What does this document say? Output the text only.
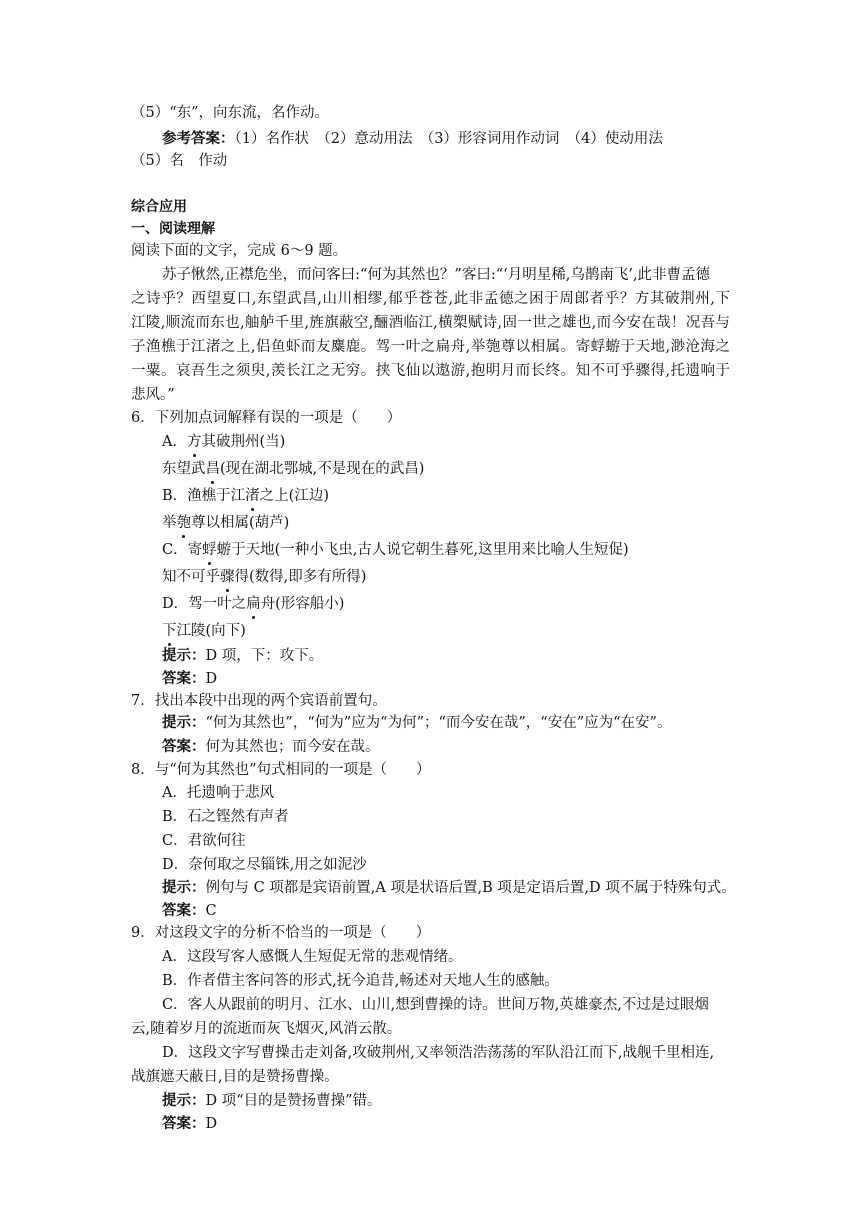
（5）“东”，向东流，名作动。
参考答案：（1）名作状　（2）意动用法　（3）形容词用作动词　（4）使动用法
（5）名　作动
综合应用
一、阅读理解
阅读下面的文字，完成 6～9 题。
苏子愀然,正襟危坐，而问客曰:“何为其然也？”客曰:“‘月明星稀,乌鹊南飞’,此非曹孟德
之诗乎？西望夏口,东望武昌,山川相缪,郁乎苍苍,此非孟德之困于周郎者乎？方其破荆州,下
江陵,顺流而东也,舳舻千里,旌旗蔽空,酾酒临江,横槊赋诗,固一世之雄也,而今安在哉！况吾与
子渔樵于江渚之上,侣鱼虾而友麋鹿。驾一叶之扁舟,举匏尊以相属。寄蜉蝣于天地,渺沧海之
一粟。哀吾生之须臾,羡长江之无穷。挟飞仙以遨游,抱明月而长终。知不可乎骤得,托遗响于
悲风。”
6．下列加点词解释有误的一项是（　　）
A．方其破荆州(当)
东望武昌(现在湖北鄂城,不是现在的武昌)
B．渔樵于江渚之上(江边)
举匏尊以相属(葫芦)
C．寄蜉蝣于天地(一种小飞虫,古人说它朝生暮死,这里用来比喻人生短促)
知不可乎骤得(数得,即多有所得)
D．驾一叶之扁舟(形容船小)
下江陵(向下)
提示：D 项，下：攻下。
答案：D
7．找出本段中出现的两个宾语前置句。
提示：“何为其然也”，“何为”应为“为何”；“而今安在哉”，“安在”应为“在安”。
答案：何为其然也；而今安在哉。
8．与“何为其然也”句式相同的一项是（　　）
A．托遗响于悲风
B．石之铿然有声者
C．君欲何往
D．奈何取之尽锱铢,用之如泥沙
提示：例句与 C 项都是宾语前置,A 项是状语后置,B 项是定语后置,D 项不属于特殊句式。
答案：C
9．对这段文字的分析不恰当的一项是（　　）
A．这段写客人感慨人生短促无常的悲观情绪。
B．作者借主客问答的形式,抚今追昔,畅述对天地人生的感触。
C．客人从跟前的明月、江水、山川,想到曹操的诗。世间万物,英雄豪杰,不过是过眼烟
云,随着岁月的流逝而灰飞烟灭,风消云散。
D．这段文字写曹操击走刘备,攻破荆州,又率领浩浩荡荡的军队沿江而下,战舰千里相连,
战旗遮天蔽日,目的是赞扬曹操。
提示：D 项“目的是赞扬曹操”错。
答案：D
